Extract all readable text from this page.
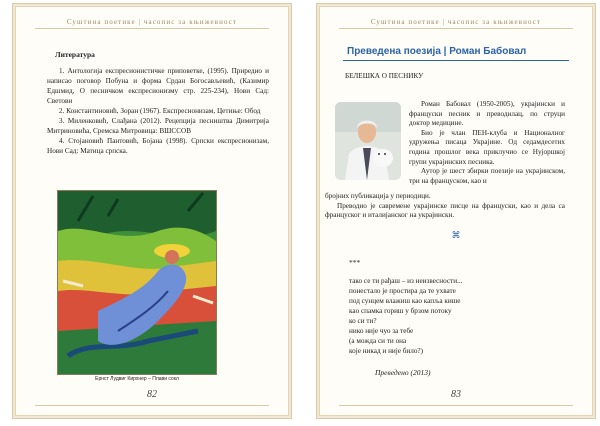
Суштина поетике | часопис за књижевност
Литература

1. Антологија експресионистичке приповетке, (1995). Приредио и написао поговор Побуна и форма Срдан Богосављевић, (Казимир Едшмид, О песничком експресионизму стр. 225-234), Нови Сад: Светови

2. Константиновић, Зоран (1967). Експресионизам, Цетиње: Обод

3. Миленковић, Слађана (2012). Рецепција песништва Димитрија Митриновића, Сремска Митровица: ВШССОВ

4. Стојановић Пантовић, Бојана (1998). Српски експресионизам, Нови Сад: Матица српска.

Ернст Лудвиг Кирхнер – Плави сокл
82
Суштина поетике | часопис за књижевност
Преведена поезија | Роман Бабовал
БЕЛЕШКА О ПЕСНИКУ

Роман Бабовал (1950-2005), украјински и француски песник и преводилац, по струци доктор медицине.

Био је члан ПЕН-клуба и Националног удружења писаца Украјине. Од седамдесетих година прошлог века приклучио се Нујоршкој групи украјинских песника.

Аутор је шест збирки поезије на украјинском, три на француском, као и

бројних публикација у периодици.

Преводио је савремене украјинске писце на француски, као и дела са француског и италијанског на украјински.

⌘
***
тако се ти рађаш – из неизвесности...
понестало је простира да те ухвате
под сунцем влажиш као капља кише
као спамка гориш у брзом потоку
ко си ти?
нико није чуо за тебе
(а можда си ти она
које никад и није било?)
Преведено (2013)
83
